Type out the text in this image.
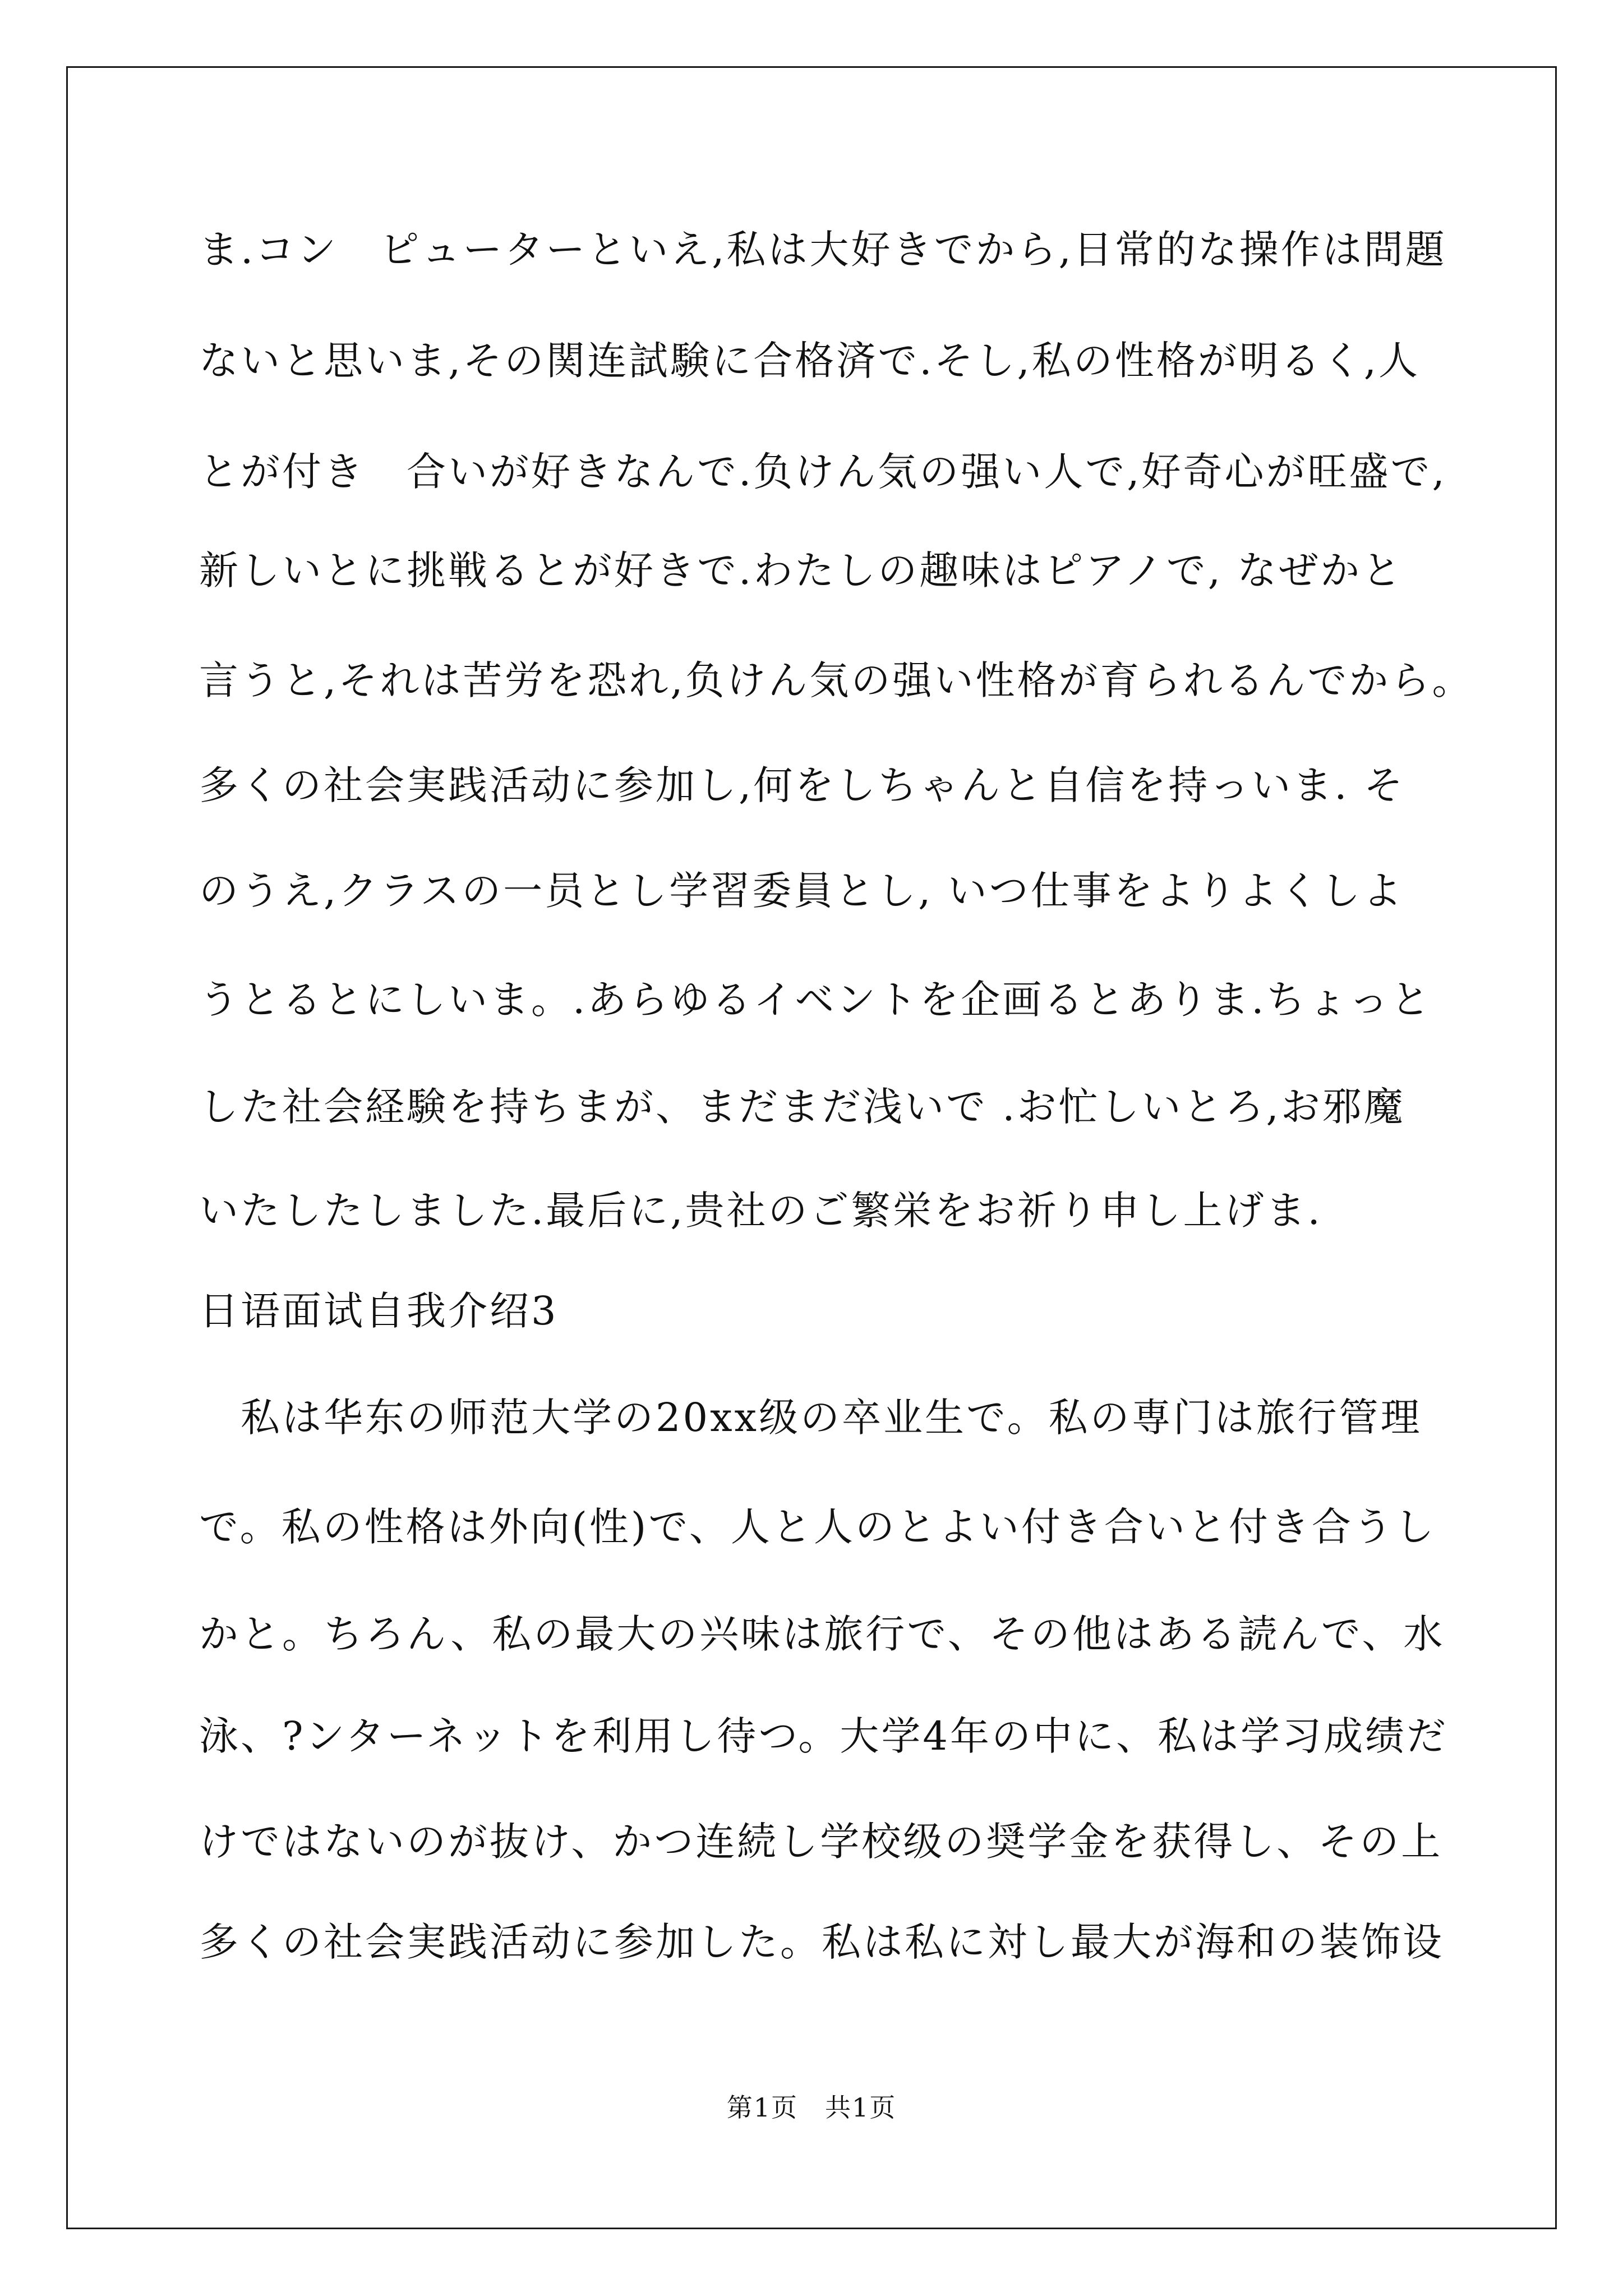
ま.コン　ピューターといえ,私は大好きでから,日常的な操作は問題
ないと思いま,その関连試験に合格済で.そし,私の性格が明るく,人
とが付き　合いが好きなんで.负けん気の强い人で,好奇心が旺盛で,
新しいとに挑戦るとが好きで.わたしの趣味はピアノで, なぜかと
言うと,それは苦労を恐れ,负けん気の强い性格が育られるんでから。
多くの社会実践活动に参加し,何をしちゃんと自信を持っいま. そ
のうえ,クラスの一员とし学習委員とし, いつ仕事をよりよくしよ
うとるとにしいま。.あらゆるイベントを企画るとありま.ちょっと
した社会経験を持ちまが、まだまだ浅いで .お忙しいとろ,お邪魔
いたしたしました.最后に,贵社のご繁栄をお祈り申し上げま.
日语面试自我介绍3
　私は华东の师范大学の20xx级の卒业生で。私の専门は旅行管理
で。私の性格は外向(性)で、人と人のとよい付き合いと付き合うし
かと。ちろん、私の最大の兴味は旅行で、その他はある読んで、水
泳、?ンターネットを利用し待つ。大学4年の中に、私は学习成绩だ
けではないのが抜け、かつ连続し学校级の奨学金を获得し、その上
多くの社会実践活动に参加した。私は私に対し最大が海和の装饰设
第1页　共1页
